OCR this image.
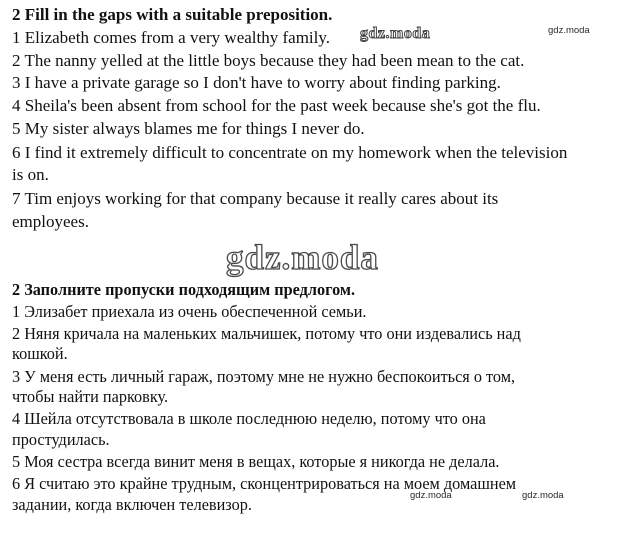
2 Fill in the gaps with a suitable preposition.
1 Elizabeth comes from a very wealthy family.
2 The nanny yelled at the little boys because they had been mean to the cat.
3 I have a private garage so I don't have to worry about finding parking.
4 Sheila's been absent from school for the past week because she's got the flu.
5 My sister always blames me for things I never do.
6 I find it extremely difficult to concentrate on my homework when the television
is on.
7 Tim enjoys working for that company because it really cares about its
employees.
2 Заполните пропуски подходящим предлогом.
1 Элизабет приехала из очень обеспеченной семьи.
2 Няня кричала на маленьких мальчишек, потому что они издевались над
кошкой.
3 У меня есть личный гараж, поэтому мне не нужно беспокоиться о том,
чтобы найти парковку.
4 Шейла отсутствовала в школе последнюю неделю, потому что она
простудилась.
5 Моя сестра всегда винит меня в вещах, которые я никогда не делала.
6 Я считаю это крайне трудным, сконцентрироваться на моем домашнем
задании, когда включен телевизор.
gdz.moda	gdz.moda
gdz.moda
gdz.moda	gdz.moda
